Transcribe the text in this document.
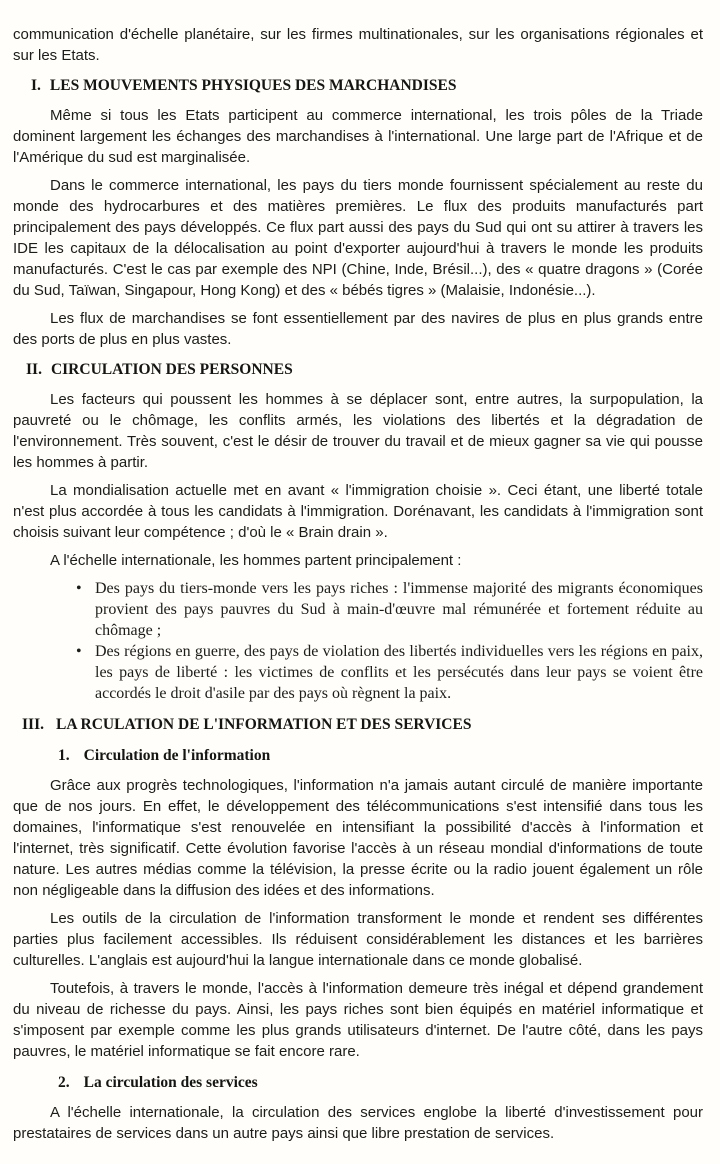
communication d'échelle planétaire, sur les firmes multinationales, sur les organisations régionales et sur les Etats.

I. LES MOUVEMENTS PHYSIQUES DES MARCHANDISES

Même si tous les Etats participent au commerce international, les trois pôles de la Triade dominent largement les échanges des marchandises à l'international. Une large part de l'Afrique et de l'Amérique du sud est marginalisée.

Dans le commerce international, les pays du tiers monde fournissent spécialement au reste du monde des hydrocarbures et des matières premières. Le flux des produits manufacturés part principalement des pays développés. Ce flux part aussi des pays du Sud qui ont su attirer à travers les IDE les capitaux de la délocalisation au point d'exporter aujourd'hui à travers le monde les produits manufacturés. C'est le cas par exemple des NPI (Chine, Inde, Brésil...), des « quatre dragons » (Corée du Sud, Taïwan, Singapour, Hong Kong) et des « bébés tigres » (Malaisie, Indonésie...).

Les flux de marchandises se font essentiellement par des navires de plus en plus grands entre des ports de plus en plus vastes.

II. CIRCULATION DES PERSONNES

Les facteurs qui poussent les hommes à se déplacer sont, entre autres, la surpopulation, la pauvreté ou le chômage, les conflits armés, les violations des libertés et la dégradation de l'environnement. Très souvent, c'est le désir de trouver du travail et de mieux gagner sa vie qui pousse les hommes à partir.

La mondialisation actuelle met en avant « l'immigration choisie ». Ceci étant, une liberté totale n'est plus accordée à tous les candidats à l'immigration. Dorénavant, les candidats à l'immigration sont choisis suivant leur compétence ; d'où le « Brain drain ».

A l'échelle internationale, les hommes partent principalement :

• Des pays du tiers-monde vers les pays riches : l'immense majorité des migrants économiques provient des pays pauvres du Sud à main-d'œuvre mal rémunérée et fortement réduite au chômage ;
• Des régions en guerre, des pays de violation des libertés individuelles vers les régions en paix, les pays de liberté : les victimes de conflits et les persécutés dans leur pays se voient être accordés le droit d'asile par des pays où règnent la paix.
III. LA RCULATION DE L'INFORMATION ET DES SERVICES
1. Circulation de l'information

Grâce aux progrès technologiques, l'information n'a jamais autant circulé de manière importante que de nos jours. En effet, le développement des télécommunications s'est intensifié dans tous les domaines, l'informatique s'est renouvelée en intensifiant la possibilité d'accès à l'information et l'internet, très significatif. Cette évolution favorise l'accès à un réseau mondial d'informations de toute nature. Les autres médias comme la télévision, la presse écrite ou la radio jouent également un rôle non négligeable dans la diffusion des idées et des informations.

Les outils de la circulation de l'information transforment le monde et rendent ses différentes parties plus facilement accessibles. Ils réduisent considérablement les distances et les barrières culturelles. L'anglais est aujourd'hui la langue internationale dans ce monde globalisé.

Toutefois, à travers le monde, l'accès à l'information demeure très inégal et dépend grandement du niveau de richesse du pays. Ainsi, les pays riches sont bien équipés en matériel informatique et s'imposent par exemple comme les plus grands utilisateurs d'internet. De l'autre côté, dans les pays pauvres, le matériel informatique se fait encore rare.

2. La circulation des services

A l'échelle internationale, la circulation des services englobe la liberté d'investissement pour prestataires de services dans un autre pays ainsi que libre prestation de services.
